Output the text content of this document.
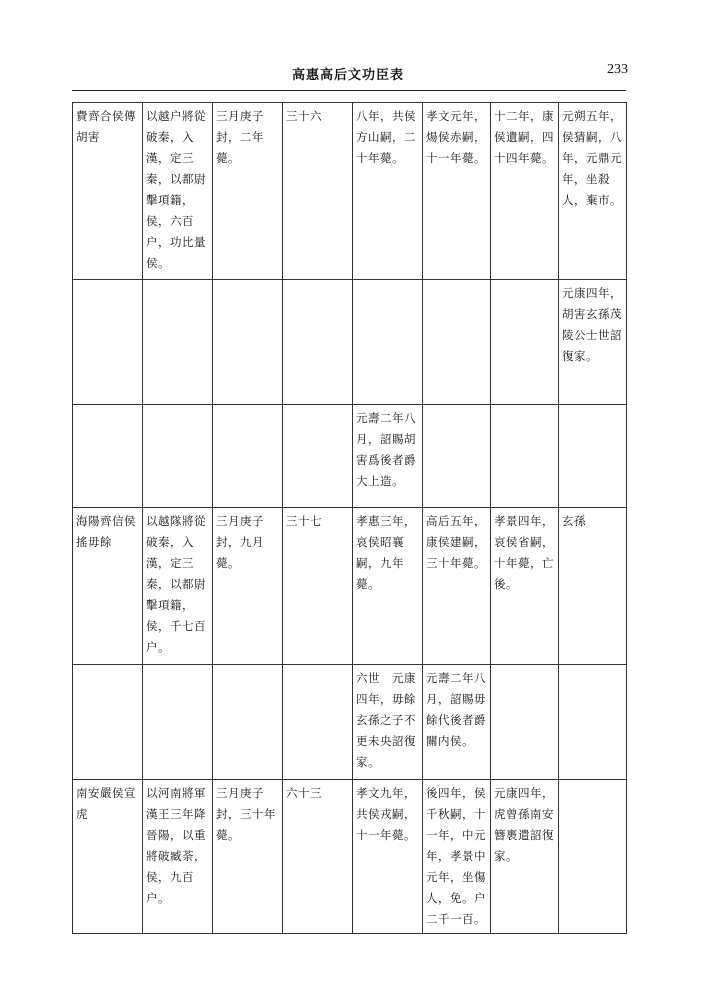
高惠高后文功臣表	233
費齊合侯傳胡害	以越户將從破秦，入漢，定三秦，以都尉擊項籍，侯，六百户，功比量侯。	三月庚子封，二年薨。	三十六	八年，共侯方山嗣，二十年薨。	孝文元年，煬侯赤嗣，十一年薨。	十二年，康侯遺嗣，四十四年薨。	元朔五年，侯猜嗣，八年，元鼎元年，坐殺人，棄市。

							元康四年，胡害玄孫茂陵公士世詔復家。

				元壽二年八月，詔賜胡害爲後者爵大上造。			

海陽齊信侯搖毋餘	以越隊將從破秦，入漢，定三秦，以都尉擊項籍，侯，千七百户。	三月庚子封，九月薨。	三十七	孝惠三年，哀侯昭襄嗣，九年薨。	高后五年，康侯建嗣，三十年薨。	孝景四年，哀侯省嗣，十年薨，亡後。	玄孫

				六世　元康四年，毋餘玄孫之子不更未央詔復家。	元壽二年八月，詔賜毋餘代後者爵關内侯。		

南安嚴侯宣虎	以河南將軍漢王三年降晉陽，以重將破臧荼，侯，九百户。	三月庚子封，三十年薨。	六十三	孝文九年，共侯戎嗣，十一年薨。	後四年，侯千秋嗣，十一年，中元年，孝景中元年，坐傷人，免。户二千一百。	元康四年，虎曾孫南安簪褭遣詔復家。	
